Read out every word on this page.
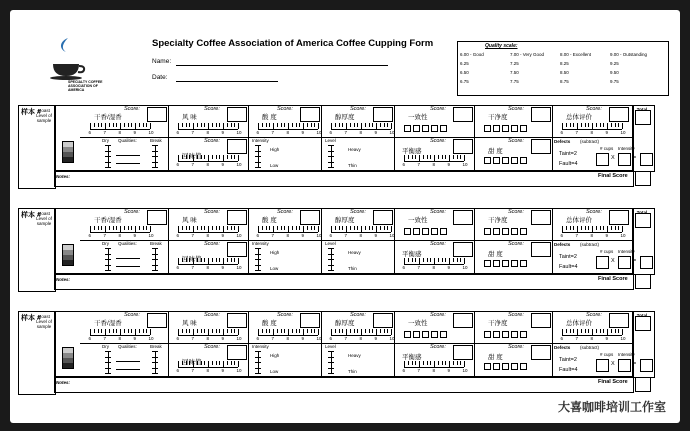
SPECIALTY COFFEE ASSOCIATION OF AMERICA
Specialty Coffee Association of America Coffee Cupping Form
Name:
Date:
Quality scale:
6.00 - Good	7.00 - Very Good	8.00 - Excellent	9.00 - Outstanding
6.25	7.25	8.25	9.25
6.50	7.50	8.50	9.50
6.75	7.75	8.75	9.75
样本 #
Roast Level of sample	干香/湿香
Score:
6	7	8	9	10
风 味
Score:
6	7	8	9	10
酸 度
Score:
6	7	8	9	10
醇厚度
Score:
6	7	8	9	10
一致性
Score:
干净度
Score:
总体评价
Score:
6	7	8	9	10
Dry Qualities:	Break
回味值
Score:
6	7	8	9	10
Intensity
High
Low
Level
Heavy
Thin
平衡感
Score:
6	7	8	9	10
甜 度
Score:	Defects (subtract)
# cups Intensity
Taint=2
Fault=4
X	=
Notes:	Final Score
样本 #
Roast Level of sample	干香/湿香
Score:
6	7	8	9	10
风 味
Score:
6	7	8	9	10
酸 度
Score:
6	7	8	9	10
醇厚度
Score:
6	7	8	9	10
一致性
Score:
干净度
Score:
总体评价
Score:
6	7	8	9	10
Dry Qualities:	Break
回味值
Score:
6	7	8	9	10
Intensity
High
Low
Level
Heavy
Thin
平衡感
Score:
6	7	8	9	10
甜 度
Score:	Defects (subtract)
# cups Intensity
Taint=2
Fault=4
X	=
Notes:	Final Score
样本 #
Roast Level of sample	干香/湿香
Score:
6	7	8	9	10
风 味
Score:
6	7	8	9	10
酸 度
Score:
6	7	8	9	10
醇厚度
Score:
6	7	8	9	10
一致性
Score:
干净度
Score:
总体评价
Score:
6	7	8	9	10
Dry Qualities:	Break
回味值
Score:
6	7	8	9	10
Intensity
High
Low
Level
Heavy
Thin
平衡感
Score:
6	7	8	9	10
甜 度
Score:	Defects (subtract)
# cups Intensity
Taint=2
Fault=4
X	=
Notes:	Final Score
大喜咖啡培训工作室
